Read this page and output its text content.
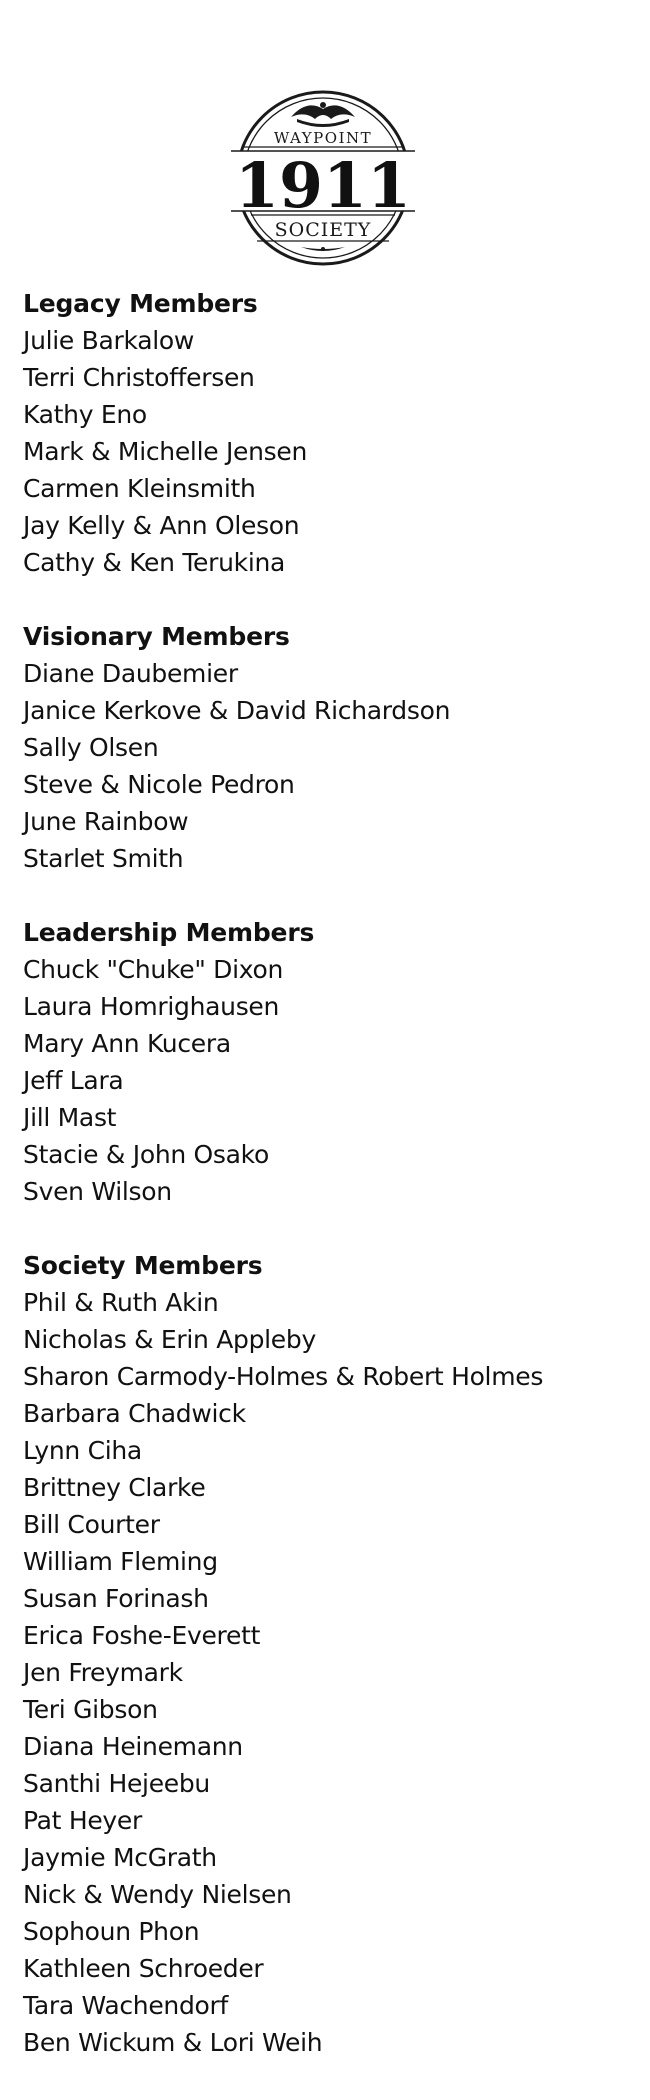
WAYPOINT
1911
SOCIETY
Legacy Members
Julie Barkalow
Terri Christoffersen
Kathy Eno
Mark & Michelle Jensen
Carmen Kleinsmith
Jay Kelly & Ann Oleson
Cathy & Ken Terukina
Visionary Members
Diane Daubemier
Janice Kerkove & David Richardson
Sally Olsen
Steve & Nicole Pedron
June Rainbow
Starlet Smith
Leadership Members
Chuck "Chuke" Dixon
Laura Homrighausen
Mary Ann Kucera
Jeff Lara
Jill Mast
Stacie & John Osako
Sven Wilson
Society Members
Phil & Ruth Akin
Nicholas & Erin Appleby
Sharon Carmody-Holmes & Robert Holmes
Barbara Chadwick
Lynn Ciha
Brittney Clarke
Bill Courter
William Fleming
Susan Forinash
Erica Foshe-Everett
Jen Freymark
Teri Gibson
Diana Heinemann
Santhi Hejeebu
Pat Heyer
Jaymie McGrath
Nick & Wendy Nielsen
Sophoun Phon
Kathleen Schroeder
Tara Wachendorf
Ben Wickum & Lori Weih
